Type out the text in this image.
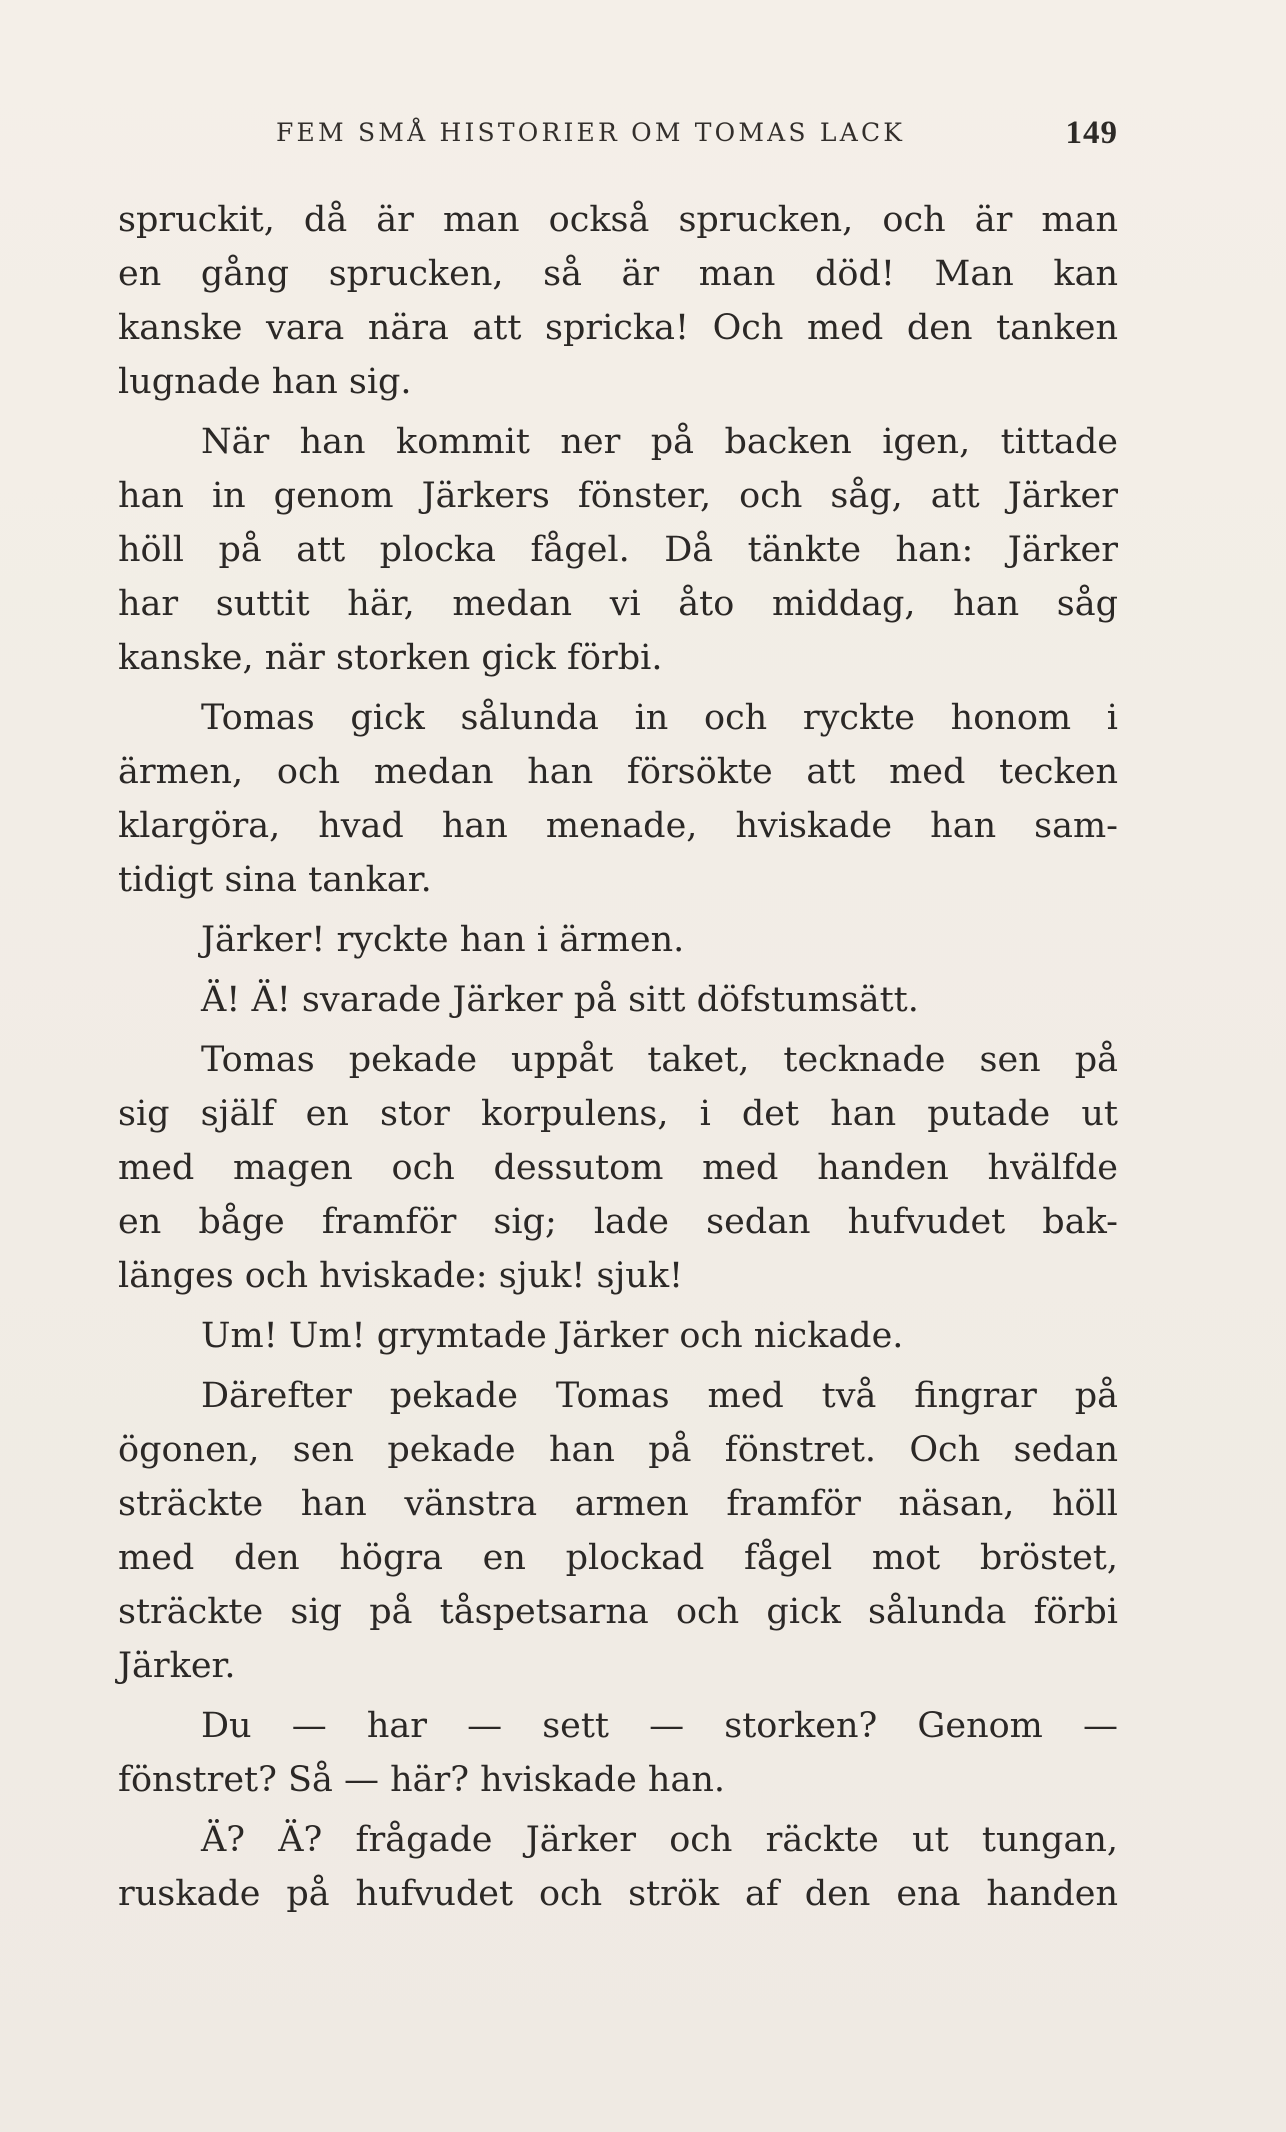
FEM SMÅ HISTORIER OM TOMAS LACK	149
spruckit, då är man också sprucken, och är man
en gång sprucken, så är man död! Man kan
kanske vara nära att spricka! Och med den tanken
lugnade han sig.
När han kommit ner på backen igen, tittade
han in genom Järkers fönster, och såg, att Järker
höll på att plocka fågel. Då tänkte han: Järker
har suttit här, medan vi åto middag, han såg
kanske, när storken gick förbi.
Tomas gick sålunda in och ryckte honom i
ärmen, och medan han försökte att med tecken
klargöra, hvad han menade, hviskade han sam-
tidigt sina tankar.
Järker! ryckte han i ärmen.
Ä! Ä! svarade Järker på sitt döfstumsätt.
Tomas pekade uppåt taket, tecknade sen på
sig själf en stor korpulens, i det han putade ut
med magen och dessutom med handen hvälfde
en båge framför sig; lade sedan hufvudet bak-
länges och hviskade: sjuk! sjuk!
Um! Um! grymtade Järker och nickade.
Därefter pekade Tomas med två fingrar på
ögonen, sen pekade han på fönstret. Och sedan
sträckte han vänstra armen framför näsan, höll
med den högra en plockad fågel mot bröstet,
sträckte sig på tåspetsarna och gick sålunda förbi
Järker.
Du — har — sett — storken? Genom —
fönstret? Så — här? hviskade han.
Ä? Ä? frågade Järker och räckte ut tungan,
ruskade på hufvudet och strök af den ena handen
